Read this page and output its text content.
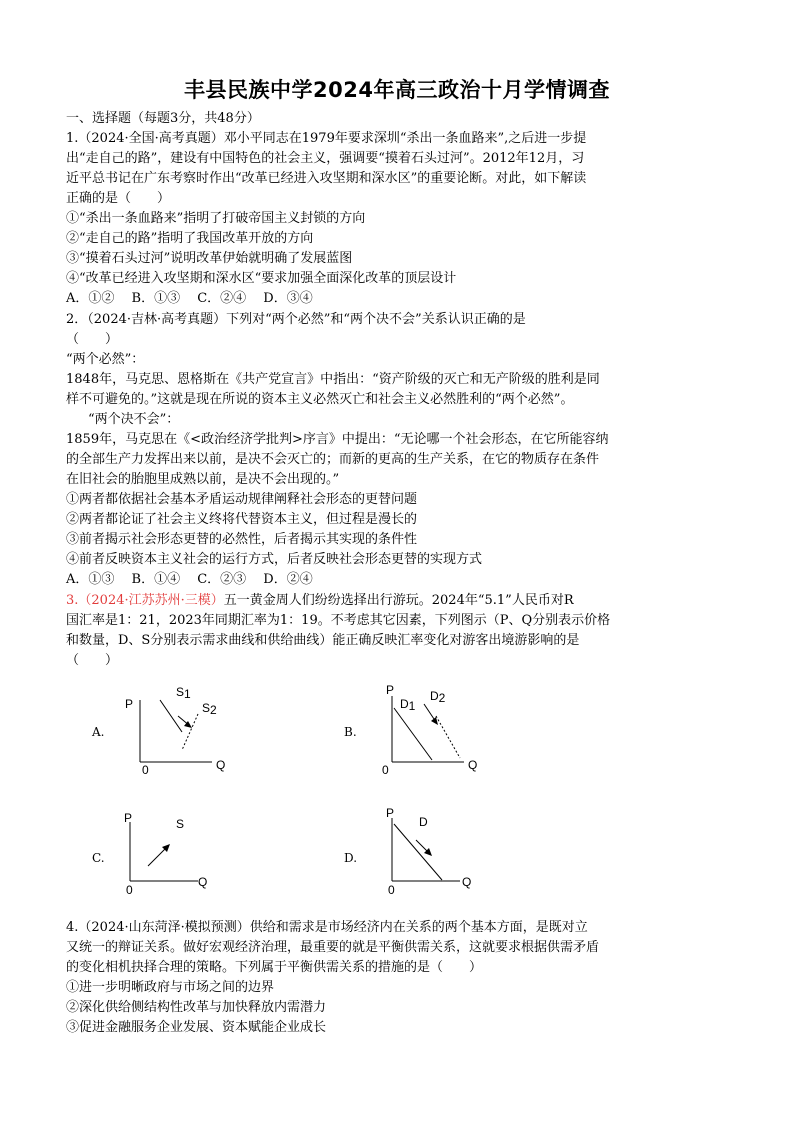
丰县民族中学2024年高三政治十月学情调查
一、选择题（每题3分，共48分）
1.（2024·全国·高考真题）邓小平同志在1979年要求深圳“杀出一条血路来”,之后进一步提
出“走自己的路”，建设有中国特色的社会主义，强调要“摸着石头过河”。2012年12月，习
近平总书记在广东考察时作出“改革已经进入攻坚期和深水区”的重要论断。对此，如下解读
正确的是（　　）
①“杀出一条血路来”指明了打破帝国主义封锁的方向
②“走自己的路”指明了我国改革开放的方向
③“摸着石头过河”说明改革伊始就明确了发展蓝图
④“改革已经进入攻坚期和深水区“要求加强全面深化改革的顶层设计
A．①②　 B．①③　 C．②④　 D．③④
2．（2024·吉林·高考真题）下列对“两个必然”和“两个决不会”关系认识正确的是
（　　）
“两个必然”：
1848年，马克思、恩格斯在《共产党宣言》中指出：“资产阶级的灭亡和无产阶级的胜利是同
样不可避免的。”这就是现在所说的资本主义必然灭亡和社会主义必然胜利的“两个必然”。
“两个决不会”：
1859年，马克思在《<政治经济学批判>序言》中提出：“无论哪一个社会形态，在它所能容纳
的全部生产力发挥出来以前，是决不会灭亡的；而新的更高的生产关系，在它的物质存在条件
在旧社会的胎胞里成熟以前，是决不会出现的。”
①两者都依据社会基本矛盾运动规律阐释社会形态的更替问题
②两者都论证了社会主义终将代替资本主义，但过程是漫长的
③前者揭示社会形态更替的必然性，后者揭示其实现的条件性
④前者反映资本主义社会的运行方式，后者反映社会形态更替的实现方式
A．①③　 B．①④　 C．②③　 D．②④
3.（2024·江苏苏州·三模）五一黄金周人们纷纷选择出行游玩。2024年“5.1”人民币对R
国汇率是1：21，2023年同期汇率为1：19。不考虑其它因素，下列图示（P、Q分别表示价格
和数量，D、S分别表示需求曲线和供给曲线）能正确反映汇率变化对游客出境游影响的是
（　　）
A.
P
Q
0
S1
S2
B.
P
Q
0
D1
D2
C.
P
Q
0
S
D.
P
Q
0
D
4.（2024·山东菏泽·模拟预测）供给和需求是市场经济内在关系的两个基本方面，是既对立
又统一的辩证关系。做好宏观经济治理，最重要的就是平衡供需关系，这就要求根据供需矛盾
的变化相机抉择合理的策略。下列属于平衡供需关系的措施的是（　　）
①进一步明晰政府与市场之间的边界
②深化供给侧结构性改革与加快释放内需潜力
③促进金融服务企业发展、资本赋能企业成长
